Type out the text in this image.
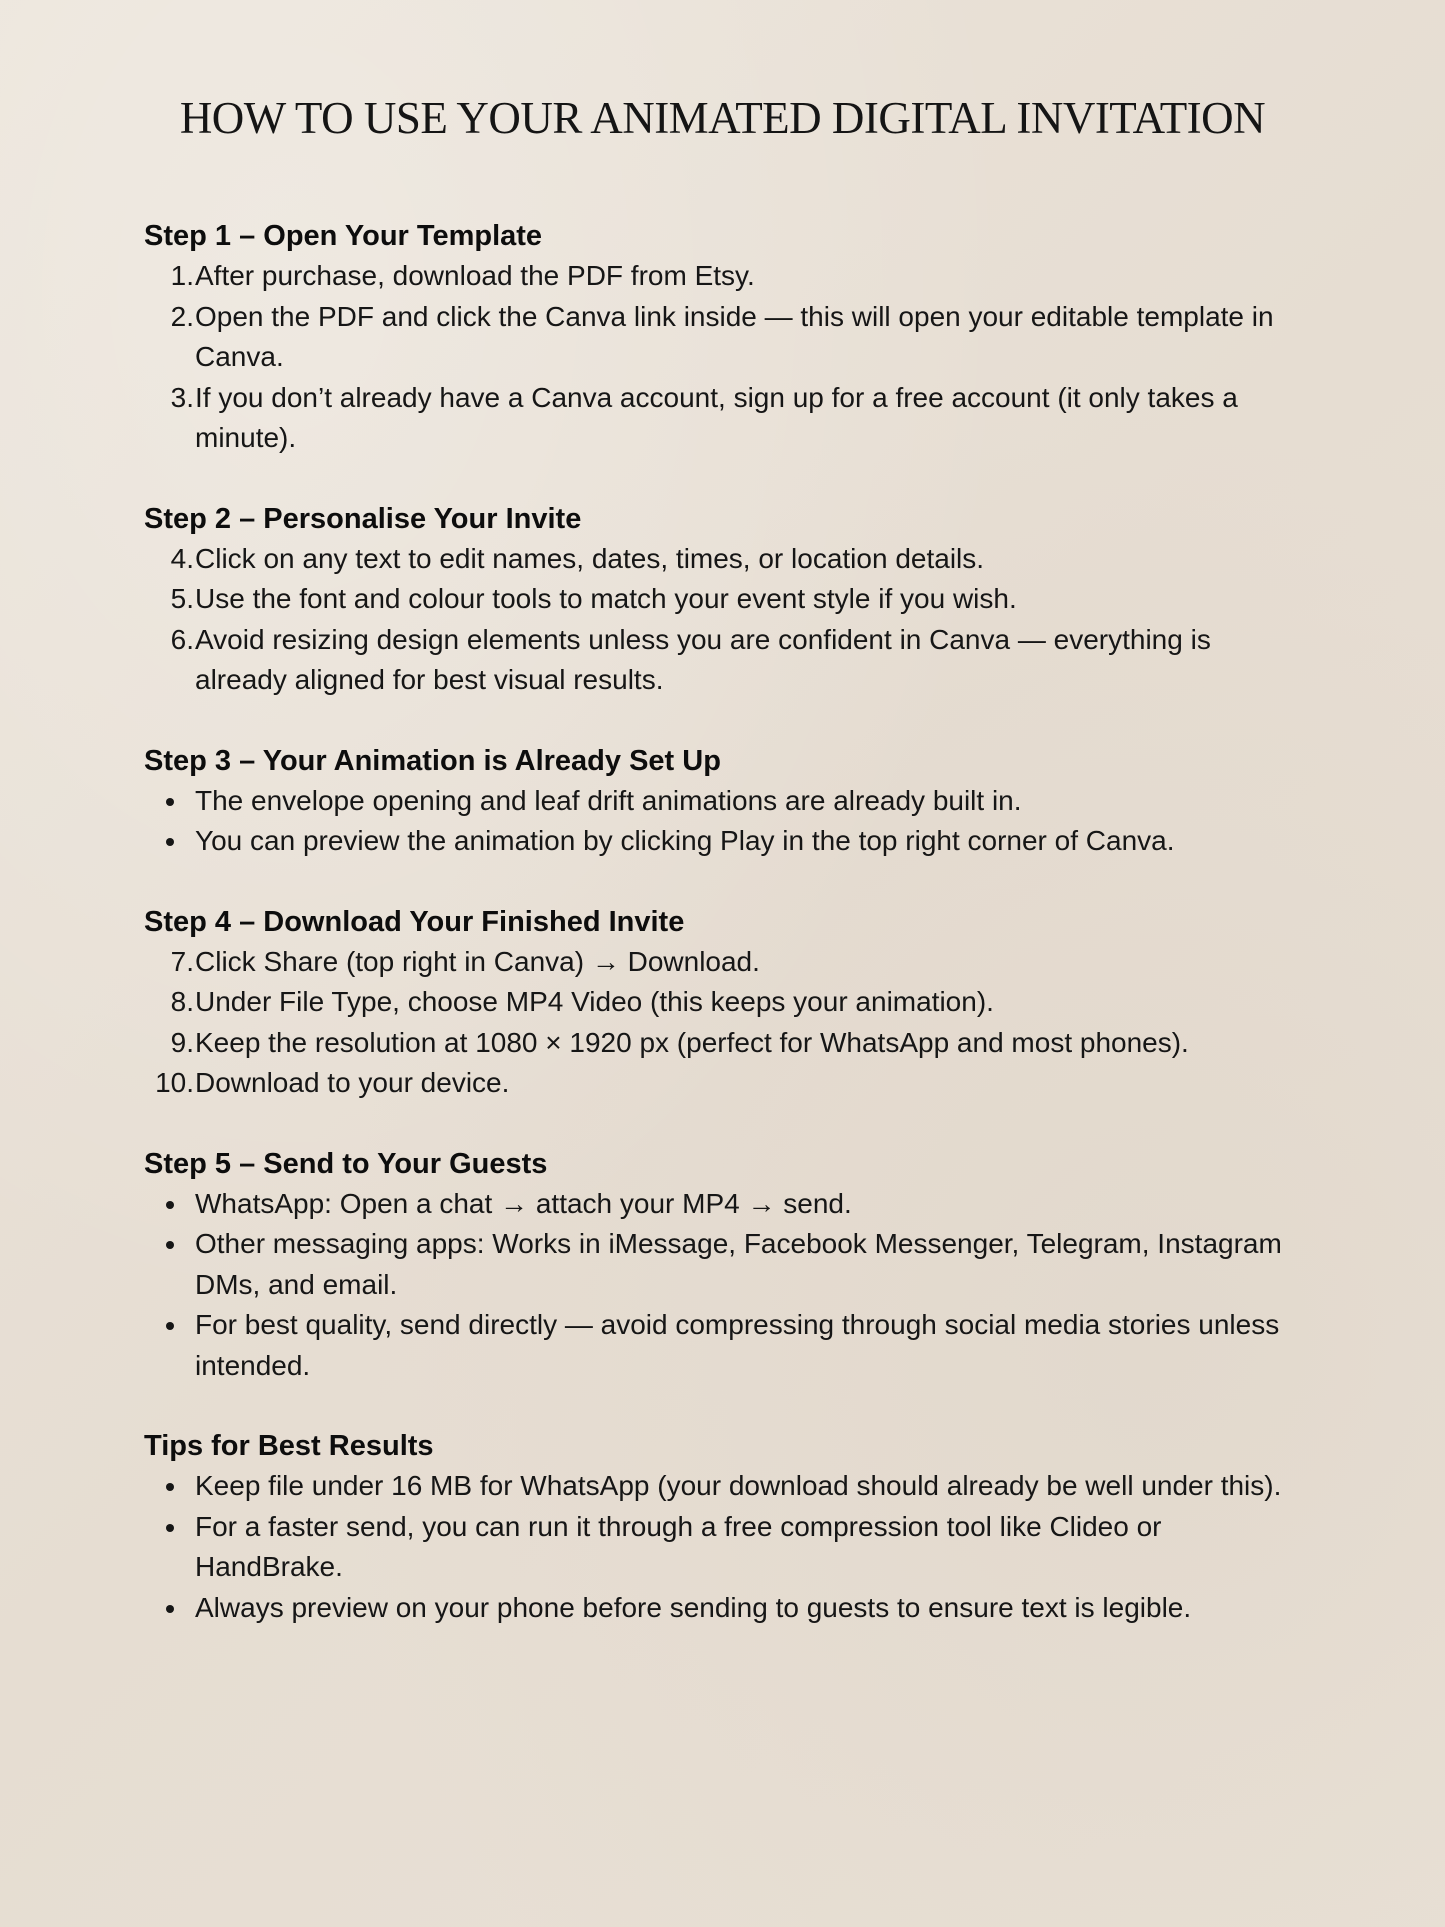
HOW TO USE YOUR ANIMATED DIGITAL INVITATION
Step 1 – Open Your Template
1. After purchase, download the PDF from Etsy.
2. Open the PDF and click the Canva link inside — this will open your editable template in Canva.
3. If you don’t already have a Canva account, sign up for a free account (it only takes a minute).
Step 2 – Personalise Your Invite
4. Click on any text to edit names, dates, times, or location details.
5. Use the font and colour tools to match your event style if you wish.
6. Avoid resizing design elements unless you are confident in Canva — everything is already aligned for best visual results.
Step 3 – Your Animation is Already Set Up
The envelope opening and leaf drift animations are already built in.
You can preview the animation by clicking Play in the top right corner of Canva.
Step 4 – Download Your Finished Invite
7. Click Share (top right in Canva) → Download.
8. Under File Type, choose MP4 Video (this keeps your animation).
9. Keep the resolution at 1080 × 1920 px (perfect for WhatsApp and most phones).
10. Download to your device.
Step 5 – Send to Your Guests
WhatsApp: Open a chat → attach your MP4 → send.
Other messaging apps: Works in iMessage, Facebook Messenger, Telegram, Instagram DMs, and email.
For best quality, send directly — avoid compressing through social media stories unless intended.
Tips for Best Results
Keep file under 16 MB for WhatsApp (your download should already be well under this).
For a faster send, you can run it through a free compression tool like Clideo or HandBrake.
Always preview on your phone before sending to guests to ensure text is legible.
